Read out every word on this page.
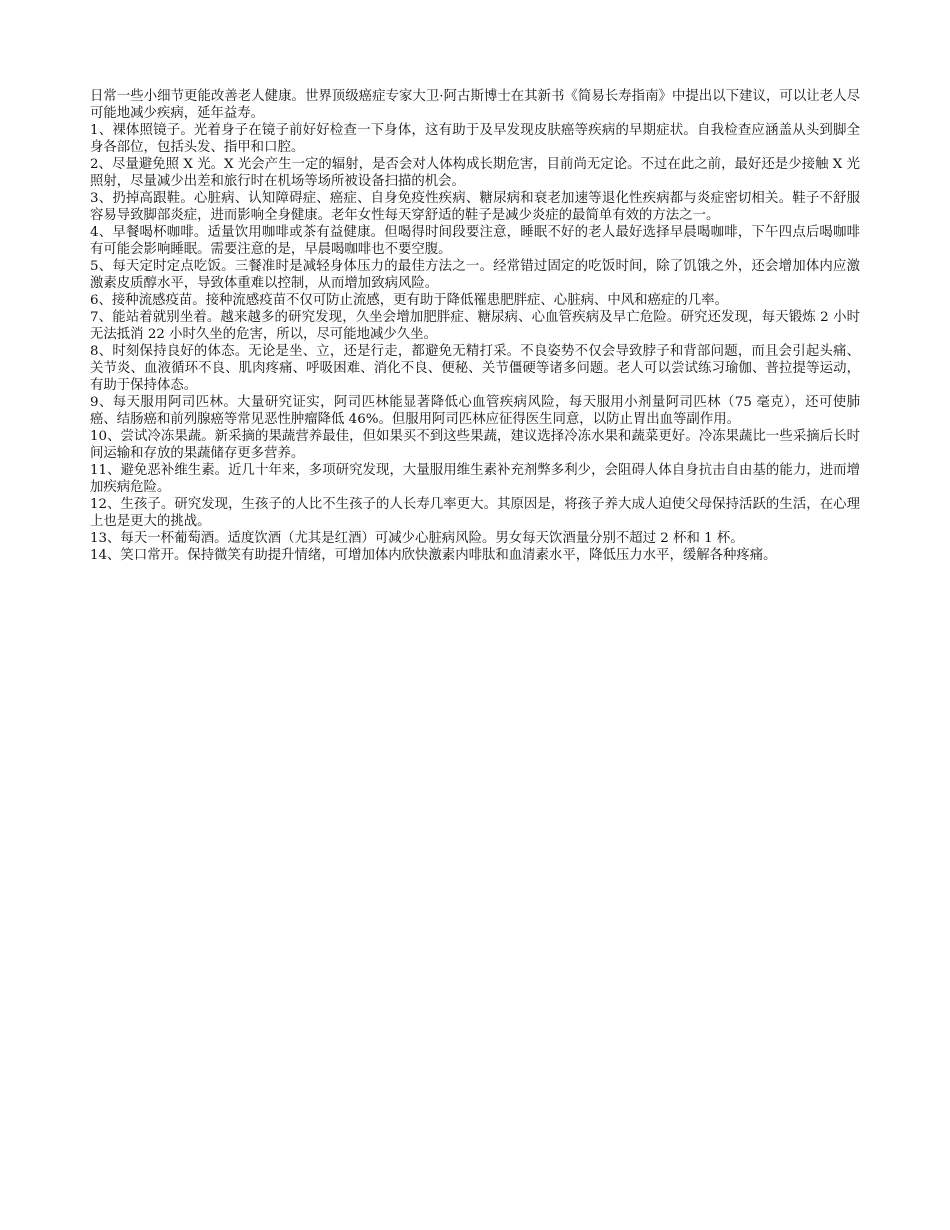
日常一些小细节更能改善老人健康。世界顶级癌症专家大卫·阿古斯博士在其新书《简易长寿指南》中提出以下建议，可以让老人尽可能地减少疾病，延年益寿。

1、裸体照镜子。光着身子在镜子前好好检查一下身体，这有助于及早发现皮肤癌等疾病的早期症状。自我检查应涵盖从头到脚全身各部位，包括头发、指甲和口腔。

2、尽量避免照 X 光。X 光会产生一定的辐射，是否会对人体构成长期危害，目前尚无定论。不过在此之前，最好还是少接触 X 光照射，尽量减少出差和旅行时在机场等场所被设备扫描的机会。

3、扔掉高跟鞋。心脏病、认知障碍症、癌症、自身免疫性疾病、糖尿病和衰老加速等退化性疾病都与炎症密切相关。鞋子不舒服容易导致脚部炎症，进而影响全身健康。老年女性每天穿舒适的鞋子是减少炎症的最简单有效的方法之一。

4、早餐喝杯咖啡。适量饮用咖啡或茶有益健康。但喝得时间段要注意，睡眠不好的老人最好选择早晨喝咖啡，下午四点后喝咖啡有可能会影响睡眠。需要注意的是，早晨喝咖啡也不要空腹。

5、每天定时定点吃饭。三餐准时是减轻身体压力的最佳方法之一。经常错过固定的吃饭时间，除了饥饿之外，还会增加体内应激激素皮质醇水平，导致体重难以控制，从而增加致病风险。

6、接种流感疫苗。接种流感疫苗不仅可防止流感，更有助于降低罹患肥胖症、心脏病、中风和癌症的几率。

7、能站着就别坐着。越来越多的研究发现，久坐会增加肥胖症、糖尿病、心血管疾病及早亡危险。研究还发现，每天锻炼 2 小时无法抵消 22 小时久坐的危害，所以，尽可能地减少久坐。

8、时刻保持良好的体态。无论是坐、立，还是行走，都避免无精打采。不良姿势不仅会导致脖子和背部问题，而且会引起头痛、关节炎、血液循环不良、肌肉疼痛、呼吸困难、消化不良、便秘、关节僵硬等诸多问题。老人可以尝试练习瑜伽、普拉提等运动，有助于保持体态。

9、每天服用阿司匹林。大量研究证实，阿司匹林能显著降低心血管疾病风险，每天服用小剂量阿司匹林（75 毫克），还可使肺癌、结肠癌和前列腺癌等常见恶性肿瘤降低 46%。但服用阿司匹林应征得医生同意，以防止胃出血等副作用。

10、尝试冷冻果蔬。新采摘的果蔬营养最佳，但如果买不到这些果蔬，建议选择冷冻水果和蔬菜更好。冷冻果蔬比一些采摘后长时间运输和存放的果蔬储存更多营养。

11、避免恶补维生素。近几十年来，多项研究发现，大量服用维生素补充剂弊多利少，会阻碍人体自身抗击自由基的能力，进而增加疾病危险。

12、生孩子。研究发现，生孩子的人比不生孩子的人长寿几率更大。其原因是，将孩子养大成人迫使父母保持活跃的生活，在心理上也是更大的挑战。

13、每天一杯葡萄酒。适度饮酒（尤其是红酒）可减少心脏病风险。男女每天饮酒量分别不超过 2 杯和 1 杯。

14、笑口常开。保持微笑有助提升情绪，可增加体内欣快激素内啡肽和血清素水平，降低压力水平，缓解各种疼痛。
